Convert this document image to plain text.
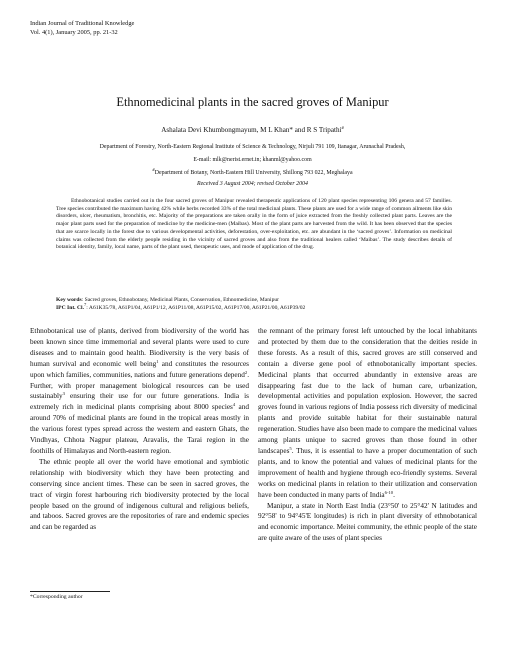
Indian Journal of Traditional Knowledge
Vol. 4(1), January 2005, pp. 21-32
Ethnomedicinal plants in the sacred groves of Manipur
Ashalata Devi Khumbongmayum, M L Khan* and R S Tripathi#
Department of Forestry, North-Eastern Regional Institute of Science & Technology, Nirjuli 791 109, Itanagar, Arunachal Pradesh,
E-mail: mlk@nerist.ernet.in; khanml@yahoo.com
#Department of Botany, North-Eastern Hill University, Shillong 793 022, Meghalaya
Received 3 August 2004; revised October 2004

Ethnobotanical studies carried out in the four sacred groves of Manipur revealed therapeutic applications of 120 plant species representing 106 genera and 57 families. Tree species contributed the maximum having 42% while herbs recorded 33% of the total medicinal plants. These plants are used for a wide range of common ailments like skin disorders, ulcer, rheumatism, bronchitis, etc. Majority of the preparations are taken orally in the form of juice extracted from the freshly collected plant parts. Leaves are the major plant parts used for the preparation of medicine by the medicine-men (Maibas). Most of the plant parts are harvested from the wild. It has been observed that the species that are scarce locally in the forest due to various developmental activities, deforestation, over-exploitation, etc. are abundant in the ‘sacred groves’. Information on medicinal claims was collected from the elderly people residing in the vicinity of sacred groves and also from the traditional healers called ‘Maibas’. The study describes details of botanical identity, family, local name, parts of the plant used, therapeutic uses, and mode of application of the drug.

Key words: Sacred groves, Ethnobotany, Medicinal Plants, Conservation, Ethnomedicine, Manipur

IPC Int. Cl.$^7$: A61K35/78, A61P1/04, A61P1/12, A61P11/08, A61P15/02, A61P17/00, A61P21/00, A61P39/02

Ethnobotanical use of plants, derived from biodiversity of the world has been known since time immemorial and several plants were used to cure diseases and to maintain good health. Biodiversity is the very basis of human survival and economic well being$^1$ and constitutes the resources upon which families, communities, nations and future generations depend$^2$. Further, with proper management biological resources can be used sustainably$^3$ ensuring their use for our future generations. India is extremely rich in medicinal plants comprising about 8000 species$^4$ and around 70% of medicinal plants are found in the tropical areas mostly in the various forest types spread across the western and eastern Ghats, the Vindhyas, Chhota Nagpur plateau, Aravalis, the Tarai region in the foothills of Himalayas and North-eastern region.

The ethnic people all over the world have emotional and symbiotic relationship with biodiversity which they have been protecting and conserving since ancient times. These can be seen in sacred groves, the tract of virgin forest harbouring rich biodiversity protected by the local people based on the ground of indigenous cultural and religious beliefs, and taboos. Sacred groves are the repositories of rare and endemic species and can be regarded as

the remnant of the primary forest left untouched by the local inhabitants and protected by them due to the consideration that the deities reside in these forests. As a result of this, sacred groves are still conserved and contain a diverse gene pool of ethnobotanically important species. Medicinal plants that occurred abundantly in extensive areas are disappearing fast due to the lack of human care, urbanization, developmental activities and population explosion. However, the sacred groves found in various regions of India possess rich diversity of medicinal plants and provide suitable habitat for their sustainable natural regeneration. Studies have also been made to compare the medicinal values among plants unique to sacred groves than those found in other landscapes$^5$. Thus, it is essential to have a proper documentation of such plants, and to know the potential and values of medicinal plants for the improvement of health and hygiene through eco-friendly systems. Several works on medicinal plants in relation to their utilization and conservation have been conducted in many parts of India$^{6-10}$.

Manipur, a state in North East India (23°50' to 25°42' N latitudes and 92°58' to 94°45'E longitudes) is rich in plant diversity of ethnobotanical and economic importance. Meitei community, the ethnic people of the state are quite aware of the uses of plant species

*Corresponding author
